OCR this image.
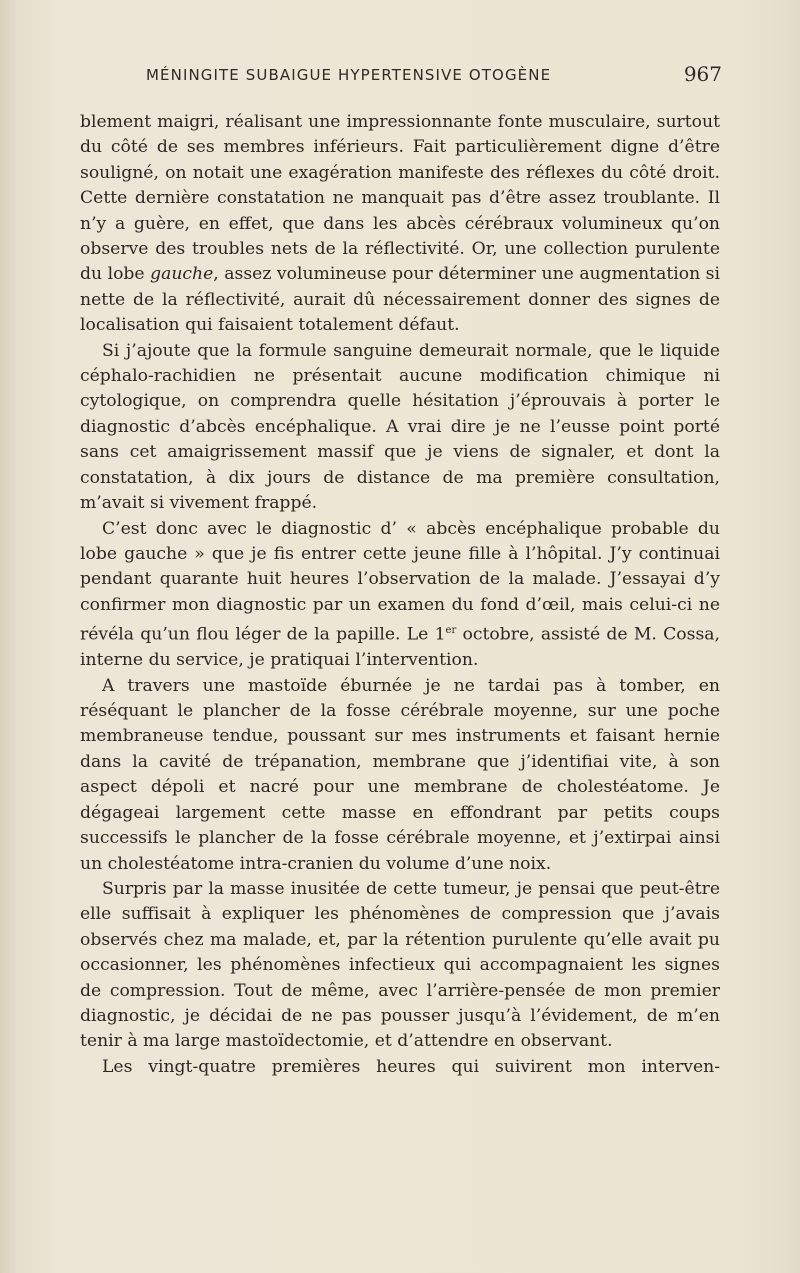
MÉNINGITE SUBAIGUE HYPERTENSIVE OTOGÈNE	967

blement maigri, réalisant une impressionnante fonte musculaire, surtout du côté de ses membres inférieurs. Fait particulièrement digne d’être souligné, on notait une exagération manifeste des réflexes du côté droit. Cette dernière constatation ne manquait pas d’être assez troublante. Il n’y a guère, en effet, que dans les abcès cérébraux volumineux qu’on observe des troubles nets de la réflectivité. Or, une collection purulente du lobe gauche, assez volumineuse pour déterminer une augmentation si nette de la réflectivité, aurait dû nécessairement donner des signes de localisation qui faisaient totalement défaut.

Si j’ajoute que la formule sanguine demeurait normale, que le liquide céphalo-rachidien ne présentait aucune modification chimique ni cytologique, on comprendra quelle hésitation j’éprouvais à porter le diagnostic d’abcès encéphalique. A vrai dire je ne l’eusse point porté sans cet amaigrissement massif que je viens de signaler, et dont la constatation, à dix jours de distance de ma première consultation, m’avait si vivement frappé.

C’est donc avec le diagnostic d’ « abcès encéphalique probable du lobe gauche » que je fis entrer cette jeune fille à l’hôpital. J’y continuai pendant quarante huit heures l’observation de la malade. J’essayai d’y confirmer mon diagnostic par un examen du fond d’œil, mais celui-ci ne révéla qu’un flou léger de la papille. Le 1er octobre, assisté de M. Cossa, interne du service, je pratiquai l’intervention.

A travers une mastoïde éburnée je ne tardai pas à tomber, en réséquant le plancher de la fosse cérébrale moyenne, sur une poche membraneuse tendue, poussant sur mes instruments et faisant hernie dans la cavité de trépanation, membrane que j’identifiai vite, à son aspect dépoli et nacré pour une membrane de cholestéatome. Je dégageai largement cette masse en effondrant par petits coups successifs le plancher de la fosse cérébrale moyenne, et j’extirpai ainsi un cholestéatome intra-cranien du volume d’une noix.

Surpris par la masse inusitée de cette tumeur, je pensai que peut-être elle suffisait à expliquer les phénomènes de compression que j’avais observés chez ma malade, et, par la rétention purulente qu’elle avait pu occasionner, les phénomènes infectieux qui accompagnaient les signes de compression. Tout de même, avec l’arrière-pensée de mon premier diagnostic, je décidai de ne pas pousser jusqu’à l’évidement, de m’en tenir à ma large mastoïdectomie, et d’attendre en observant.

Les vingt-quatre premières heures qui suivirent mon interven-
